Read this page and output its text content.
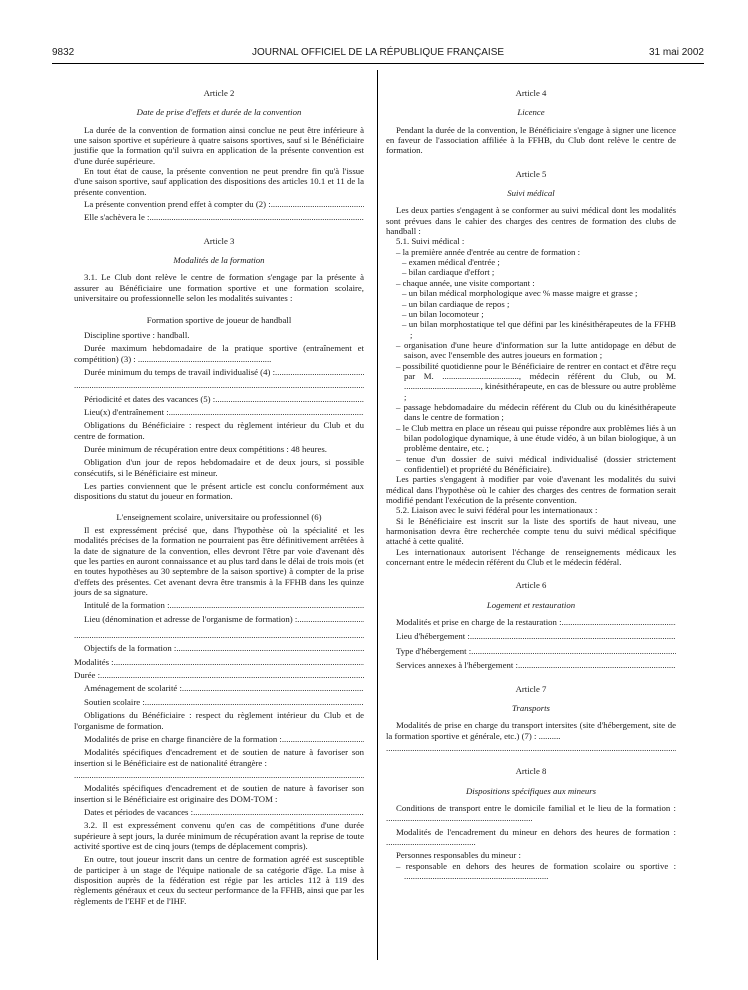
9832	JOURNAL OFFICIEL DE LA RÉPUBLIQUE FRANÇAISE	31 mai 2002
Article 2
Date de prise d'effets et durée de la convention
La durée de la convention de formation ainsi conclue ne peut être inférieure à une saison sportive et supérieure à quatre saisons sportives, sauf si le Bénéficiaire justifie que la formation qu'il suivra en application de la présente convention est d'une durée supérieure.
En tout état de cause, la présente convention ne peut prendre fin qu'à l'issue d'une saison sportive, sauf application des dispositions des articles 10.1 et 11 de la présente convention.
La présente convention prend effet à compter du (2) :
.....
Elle s'achèvera le :
.....
Article 3
Modalités de la formation
3.1. Le Club dont relève le centre de formation s'engage par la présente à assurer au Bénéficiaire une formation sportive et une formation scolaire, universitaire ou professionnelle selon les modalités suivantes :
Formation sportive de joueur de handball
Discipline sportive : handball.
Durée maximum hebdomadaire de la pratique sportive (entraînement et compétition) (3) : .............................................................
Durée minimum du temps de travail individualisé (4) :
.....
.....
Périodicité et dates des vacances (5) :
.....
Lieu(x) d'entraînement :
.....
Obligations du Bénéficiaire : respect du règlement intérieur du Club et du centre de formation.
Durée minimum de récupération entre deux compétitions : 48 heures.
Obligation d'un jour de repos hebdomadaire et de deux jours, si possible consécutifs, si le Bénéficiaire est mineur.
Les parties conviennent que le présent article est conclu conformément aux dispositions du statut du joueur en formation.
L'enseignement scolaire, universitaire ou professionnel (6)
Il est expressément précisé que, dans l'hypothèse où la spécialité et les modalités précises de la formation ne pourraient pas être définitivement arrêtées à la date de signature de la convention, elles devront l'être par voie d'avenant dès que les parties en auront connaissance et au plus tard dans le délai de trois mois (et en toutes hypothèses au 30 septembre de la saison sportive) à compter de la prise d'effets des présentes. Cet avenant devra être transmis à la FFHB dans les quinze jours de sa signature.
Intitulé de la formation :
.....
Lieu (dénomination et adresse de l'organisme de formation) :
.....
.....
Objectifs de la formation :
.....
Modalités :
.....
Durée :
.....
Aménagement de scolarité :
.....
Soutien scolaire :
.....
Obligations du Bénéficiaire : respect du règlement intérieur du Club et de l'organisme de formation.
Modalités de prise en charge financière de la formation :
.....
Modalités spécifiques d'encadrement et de soutien de nature à favoriser son insertion si le Bénéficiaire est de nationalité étrangère :
.....
Modalités spécifiques d'encadrement et de soutien de nature à favoriser son insertion si le Bénéficiaire est originaire des DOM-TOM :
Dates et périodes de vacances :
.....
3.2. Il est expressément convenu qu'en cas de compétitions d'une durée supérieure à sept jours, la durée minimum de récupération avant la reprise de toute activité sportive est de cinq jours (temps de déplacement compris).
En outre, tout joueur inscrit dans un centre de formation agréé est susceptible de participer à un stage de l'équipe nationale de sa catégorie d'âge. La mise à disposition auprès de la fédération est régie par les articles 112 à 119 des règlements généraux et ceux du secteur performance de la FFHB, ainsi que par les règlements de l'EHF et de l'IHF.
Article 4
Licence
Pendant la durée de la convention, le Bénéficiaire s'engage à signer une licence en faveur de l'association affiliée à la FFHB, du Club dont relève le centre de formation.
Article 5
Suivi médical
Les deux parties s'engagent à se conformer au suivi médical dont les modalités sont prévues dans le cahier des charges des centres de formation des clubs de handball :
5.1. Suivi médical :
– la première année d'entrée au centre de formation :
– examen médical d'entrée ;
– bilan cardiaque d'effort ;
– chaque année, une visite comportant :
– un bilan médical morphologique avec % masse maigre et grasse ;
– un bilan cardiaque de repos ;
– un bilan locomoteur ;
– un bilan morphostatique tel que défini par les kinésithérapeutes de la FFHB ;
– organisation d'une heure d'information sur la lutte antidopage en début de saison, avec l'ensemble des autres joueurs en formation ;
– possibilité quotidienne pour le Bénéficiaire de rentrer en contact et d'être reçu par M. ..................................., médecin référent du Club, ou M. ..................................., kinésithérapeute, en cas de blessure ou autre problème ;
– passage hebdomadaire du médecin référent du Club ou du kinésithérapeute dans le centre de formation ;
– le Club mettra en place un réseau qui puisse répondre aux problèmes liés à un bilan podologique dynamique, à une étude vidéo, à un bilan biologique, à un problème dentaire, etc. ;
– tenue d'un dossier de suivi médical individualisé (dossier strictement confidentiel) et propriété du Bénéficiaire).
Les parties s'engagent à modifier par voie d'avenant les modalités du suivi médical dans l'hypothèse où le cahier des charges des centres de formation serait modifié pendant l'exécution de la présente convention.
5.2. Liaison avec le suivi fédéral pour les internationaux :
Si le Bénéficiaire est inscrit sur la liste des sportifs de haut niveau, une harmonisation devra être recherchée compte tenu du suivi médical spécifique attaché à cette qualité.
Les internationaux autorisent l'échange de renseignements médicaux les concernant entre le médecin référent du Club et le médecin fédéral.
Article 6
Logement et restauration
Modalités et prise en charge de la restauration :
.....
Lieu d'hébergement :
.....
Type d'hébergement :
.....
Services annexes à l'hébergement :
.....
Article 7
Transports
Modalités de prise en charge du transport intersites (site d'hébergement, site de la formation sportive et générale, etc.) (7) : ..........
.....
Article 8
Dispositions spécifiques aux mineurs
Conditions de transport entre le domicile familial et le lieu de la formation : ...................................................................
Modalités de l'encadrement du mineur en dehors des heures de formation : .........................................
Personnes responsables du mineur :
– responsable en dehors des heures de formation scolaire ou sportive : ..................................................................
